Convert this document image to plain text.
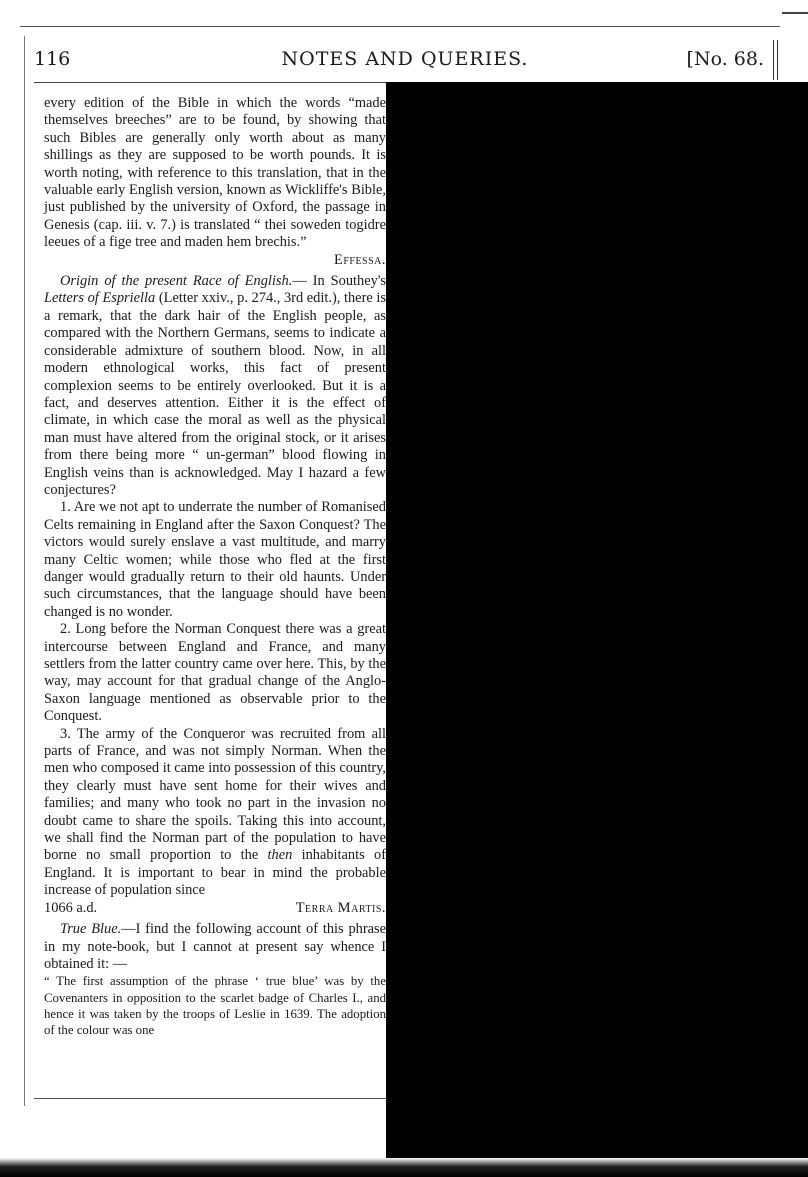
116	NOTES AND QUERIES.	[No. 68.

every edition of the Bible in which the words “made themselves breeches” are to be found, by showing that such Bibles are generally only worth about as many shillings as they are supposed to be worth pounds. It is worth noting, with reference to this translation, that in the valuable early English version, known as Wickliffe's Bible, just published by the university of Oxford, the passage in Genesis (cap. iii. v. 7.) is translated “ thei soweden togidre leeues of a fige tree and maden hem brechis.”
Effessa.

Origin of the present Race of English.— In Southey's Letters of Espriella (Letter xxiv., p. 274., 3rd edit.), there is a remark, that the dark hair of the English people, as compared with the Northern Germans, seems to indicate a considerable admixture of southern blood. Now, in all modern ethnological works, this fact of present complexion seems to be entirely overlooked. But it is a fact, and deserves attention. Either it is the effect of climate, in which case the moral as well as the physical man must have altered from the original stock, or it arises from there being more “ un-german” blood flowing in English veins than is acknowledged. May I hazard a few conjectures?

1. Are we not apt to underrate the number of Romanised Celts remaining in England after the Saxon Conquest? The victors would surely enslave a vast multitude, and marry many Celtic women; while those who fled at the first danger would gradually return to their old haunts. Under such circumstances, that the language should have been changed is no wonder.

2. Long before the Norman Conquest there was a great intercourse between England and France, and many settlers from the latter country came over here. This, by the way, may account for that gradual change of the Anglo-Saxon language mentioned as observable prior to the Conquest.

3. The army of the Conqueror was recruited from all parts of France, and was not simply Norman. When the men who composed it came into possession of this country, they clearly must have sent home for their wives and families; and many who took no part in the invasion no doubt came to share the spoils. Taking this into account, we shall find the Norman part of the population to have borne no small proportion to the then inhabitants of England. It is important to bear in mind the probable increase of population since

1066 a.d.	Terra Martis.

True Blue.—I find the following account of this phrase in my note-book, but I cannot at present say whence I obtained it: —

“ The first assumption of the phrase ‘ true blue’ was by the Covenanters in opposition to the scarlet badge of Charles I., and hence it was taken by the troops of Leslie in 1639. The adoption of the colour was one
